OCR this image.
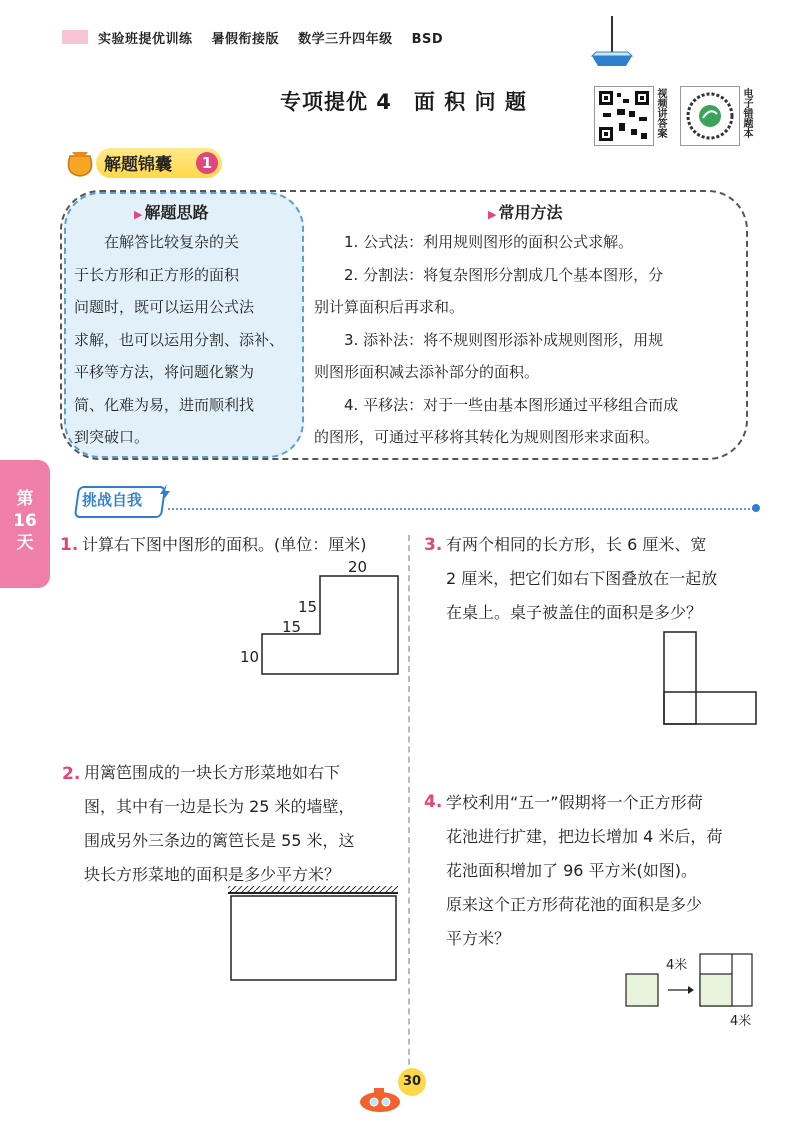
实验班提优训练 暑假衔接版 数学三升四年级 BSD
专项提优 4　面 积 问 题	视频讲答案	电子错题本
解题锦囊	1
▶ 解题思路
　　在解答比较复杂的关
于长方形和正方形的面积
问题时，既可以运用公式法
求解，也可以运用分割、添补、
平移等方法，将问题化繁为
简、化难为易，进而顺利找
到突破口。
▶ 常用方法
　　1. 公式法：利用规则图形的面积公式求解。
　　2. 分割法：将复杂图形分割成几个基本图形，分
别计算面积后再求和。
　　3. 添补法：将不规则图形添补成规则图形，用规
则图形面积减去添补部分的面积。
　　4. 平移法：对于一些由基本图形通过平移组合而成
的图形，可通过平移将其转化为规则图形来求面积。
第
16
天
挑战自我
1. 计算右下图中图形的面积。(单位：厘米)
20
15
15
10
2. 用篱笆围成的一块长方形菜地如右下
图，其中有一边是长为 25 米的墙壁，
围成另外三条边的篱笆长是 55 米，这
块长方形菜地的面积是多少平方米？
3. 有两个相同的长方形，长 6 厘米、宽
2 厘米，把它们如右下图叠放在一起放
在桌上。桌子被盖住的面积是多少？
4. 学校利用“五一”假期将一个正方形荷
花池进行扩建，把边长增加 4 米后，荷
花池面积增加了 96 平方米(如图)。
原来这个正方形荷花池的面积是多少
平方米？
4米
4米
30
